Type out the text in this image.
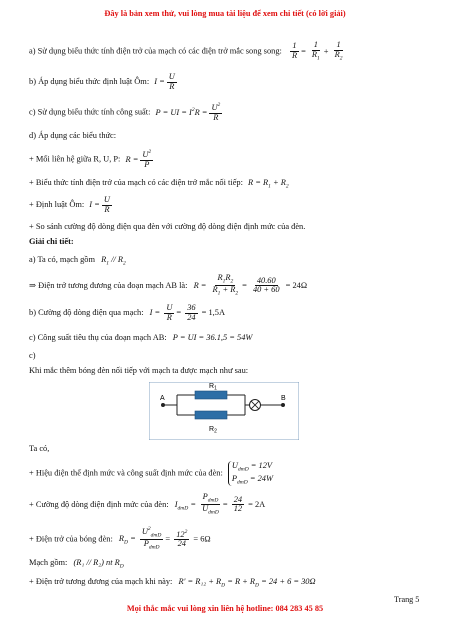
Đây là bản xem thử, vui lòng mua tài liệu để xem chi tiết (có lời giải)
a) Sử dụng biểu thức tính điện trở của mạch có các điện trở mắc song song: $\frac{1}{R} = \frac{1}{R_1} + \frac{1}{R_2}$
b) Áp dụng biểu thức định luật Ôm: $I = \frac{U}{R}$
c) Sử dụng biểu thức tính công suất: P = UI = $I^2R = \frac{U^2}{R}$
d) Áp dụng các biểu thức:
+ Mối liên hệ giữa R, U, P: $R = \frac{U^2}{P}$
+ Biểu thức tính điện trở của mạch có các điện trở mắc nối tiếp: $R = R_1 + R_2$
+ Định luật Ôm: $I = \frac{U}{R}$
+ So sánh cường độ dòng điện qua đèn với cường độ dòng điện định mức của đèn.
Giải chi tiết:
a) Ta có, mạch gồm $R_1 // R_2$
⇒ Điện trở tương đương của đoạn mạch AB là: $R = \frac{R_1R_2}{R_1 + R_2} = \frac{40.60}{40 + 60} = 24\Omega$
b) Cường độ dòng điện qua mạch: $I = \frac{U}{R} = \frac{36}{24} = 1,5A$
c) Công suất tiêu thụ của đoạn mạch AB: P = UI = 36.1,5 = 54W
c)
Khi mắc thêm bóng đèn nối tiếp với mạch ta được mạch như sau:
$R_1$
$R_2$
A	B
Ta có,
+ Hiệu điện thế định mức và công suất định mức của đèn: $U_{dmD} = 12V$
$P_{dmD} = 24W$
+ Cường độ dòng điện định mức của đèn: $I_{dmD} = \frac{P_{dmD}}{U_{dmD}} = \frac{24}{12} = 2A$
+ Điện trở của bóng đèn: $R_D = \frac{U^2_{dmD}}{P_{dmD}} = \frac{12^2}{24} = 6\Omega$
Mạch gồm: (R₁ // R₂) nt $R_D$
+ Điện trở tương đương của mạch khi này: $R' = R_{12} + R_D = R + R_D = 24 + 6 = 30\Omega$
Trang 5
Mọi thắc mắc vui lòng xin liên hệ hotline: 084 283 45 85
